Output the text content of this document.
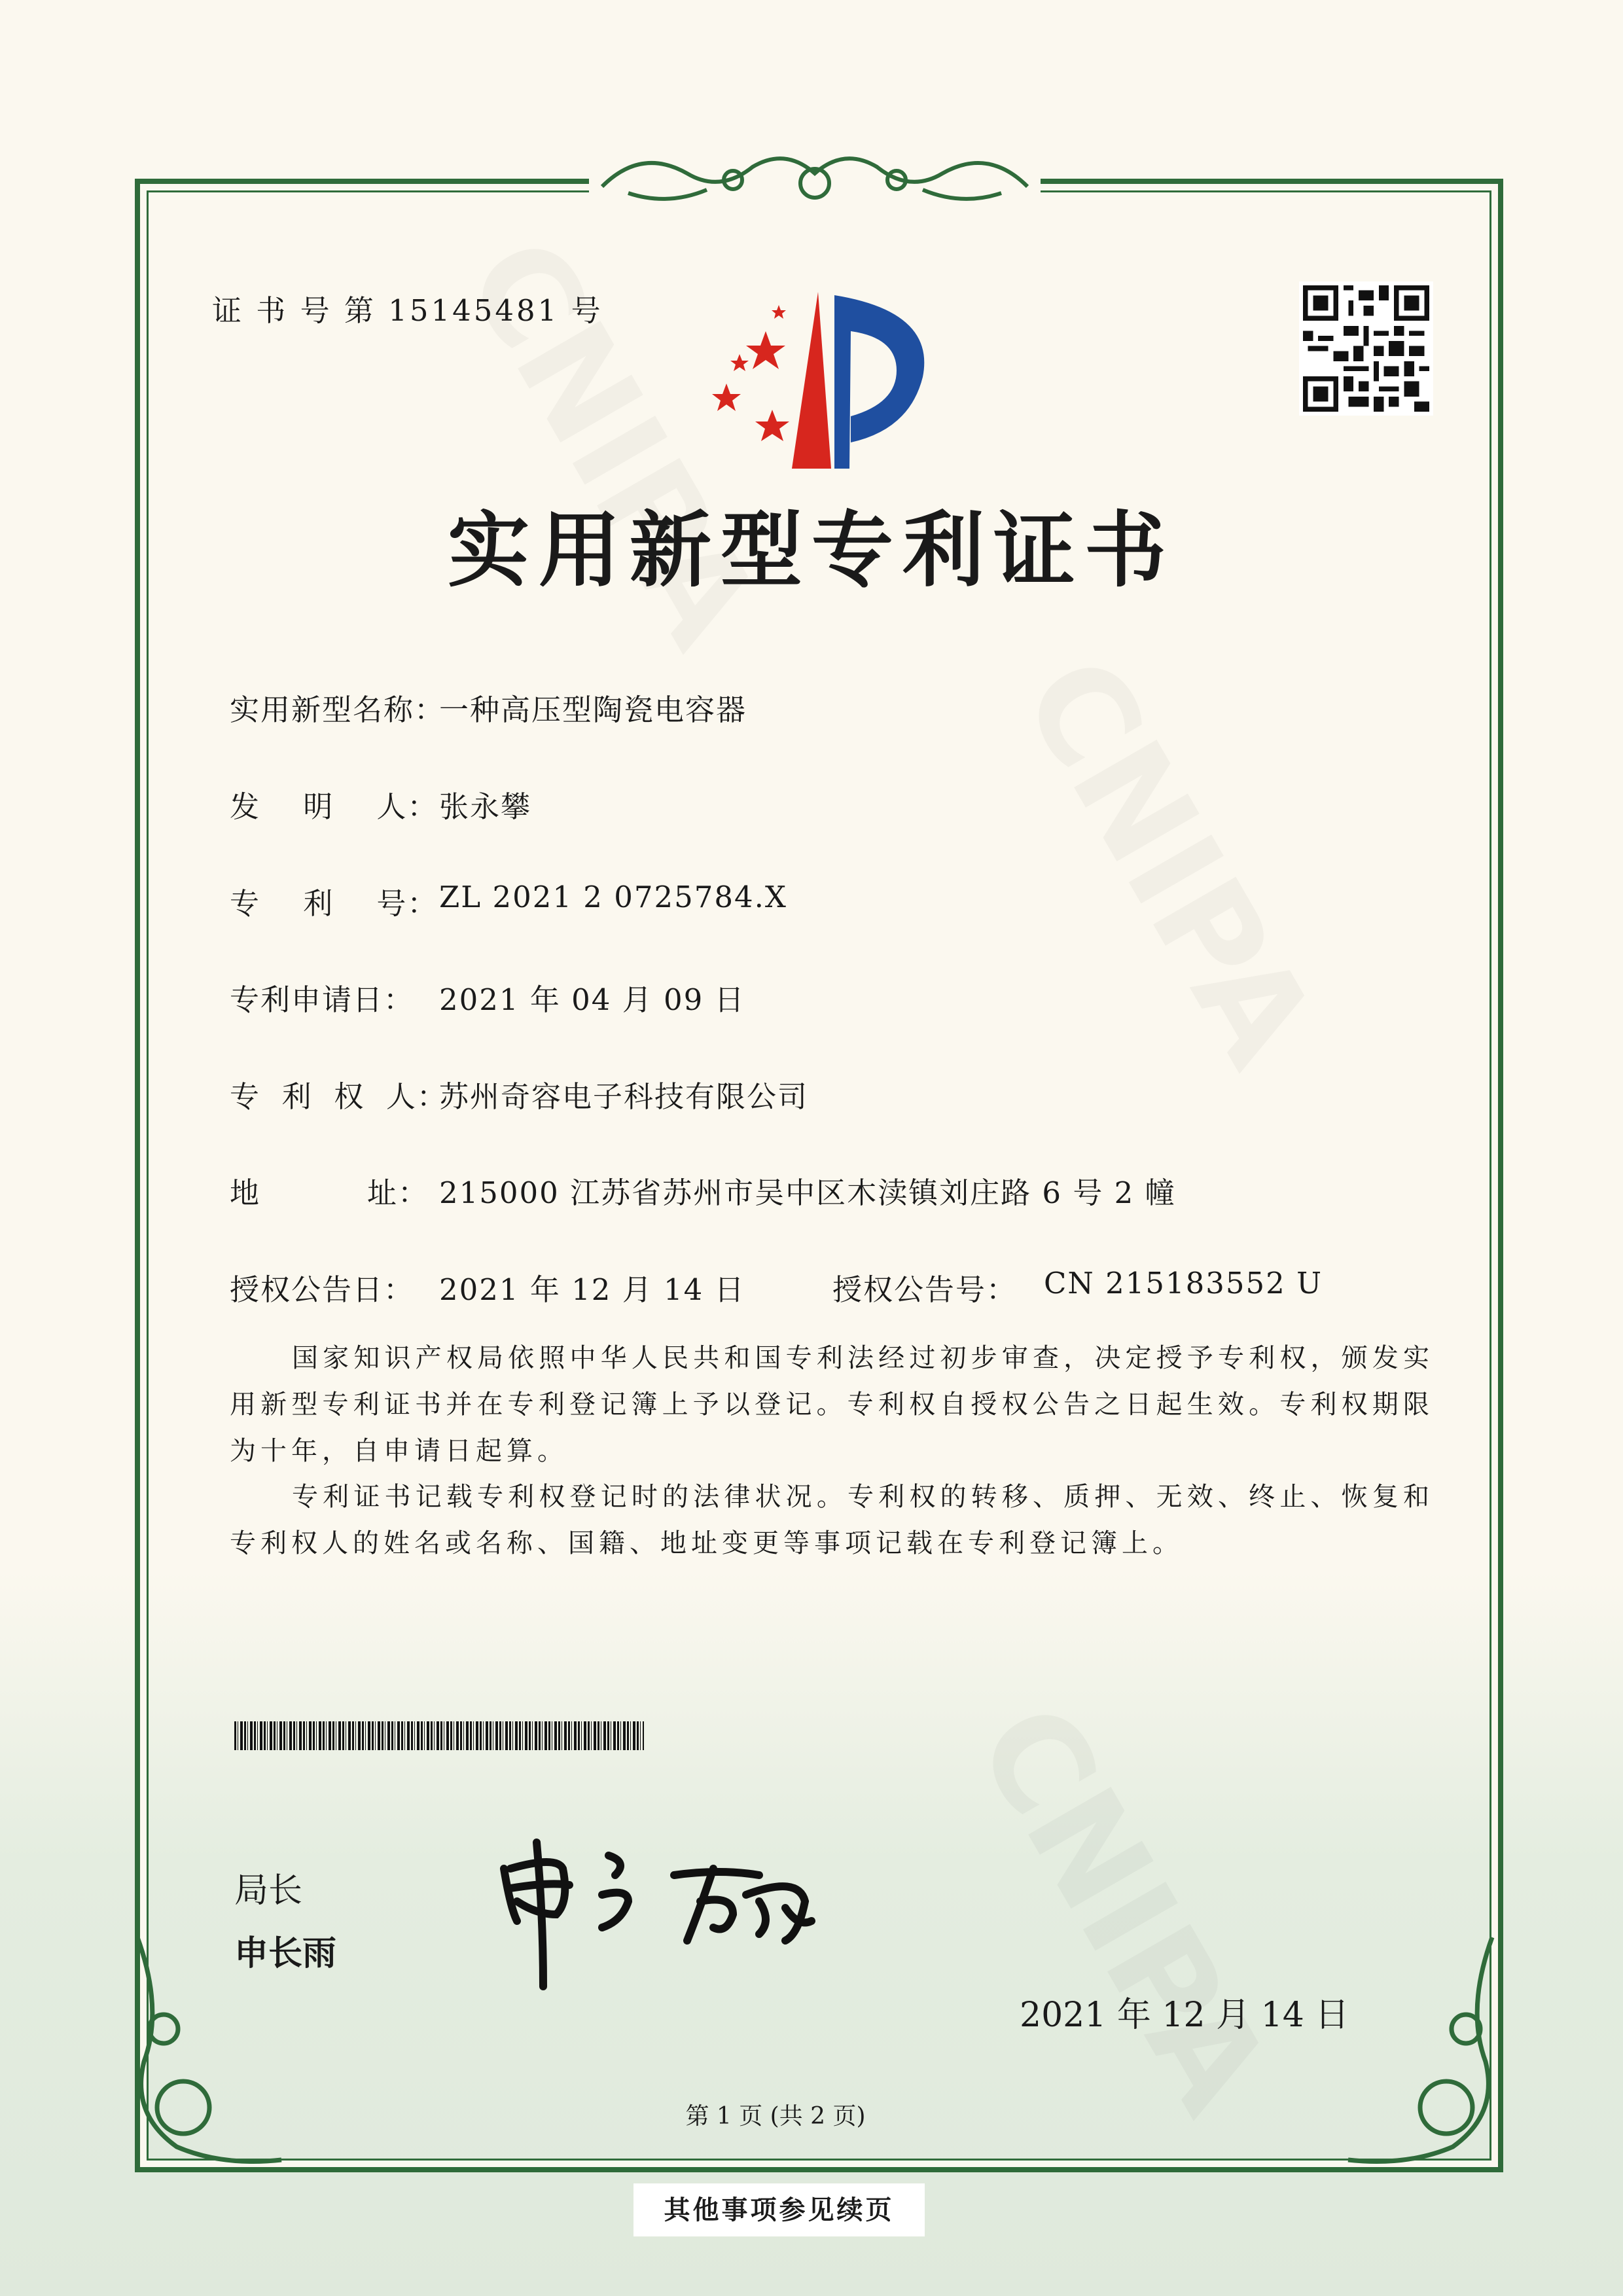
证 书 号 第 15145481 号
实用新型专利证书
实用新型名称：
一种高压型陶瓷电容器
发    明    人： 张永攀
专    利    号： ZL 2021 2 0725784.X
专利申请日： 2021 年 04 月 09 日
专  利  权  人：
苏州奇容电子科技有限公司
地          址： 215000 江苏省苏州市吴中区木渎镇刘庄路 6 号 2 幢
授权公告日： 2021 年 12 月 14 日	授权公告号： CN 215183552 U
国家知识产权局依照中华人民共和国专利法经过初步审查，决定授予专利权，颁发实用新型专利证书并在专利登记簿上予以登记。专利权自授权公告之日起生效。专利权期限为十年，自申请日起算。
专利证书记载专利权登记时的法律状况。专利权的转移、质押、无效、终止、恢复和专利权人的姓名或名称、国籍、地址变更等事项记载在专利登记簿上。
局长
申长雨
2021 年 12 月 14 日
第 1 页 (共 2 页)
其他事项参见续页
